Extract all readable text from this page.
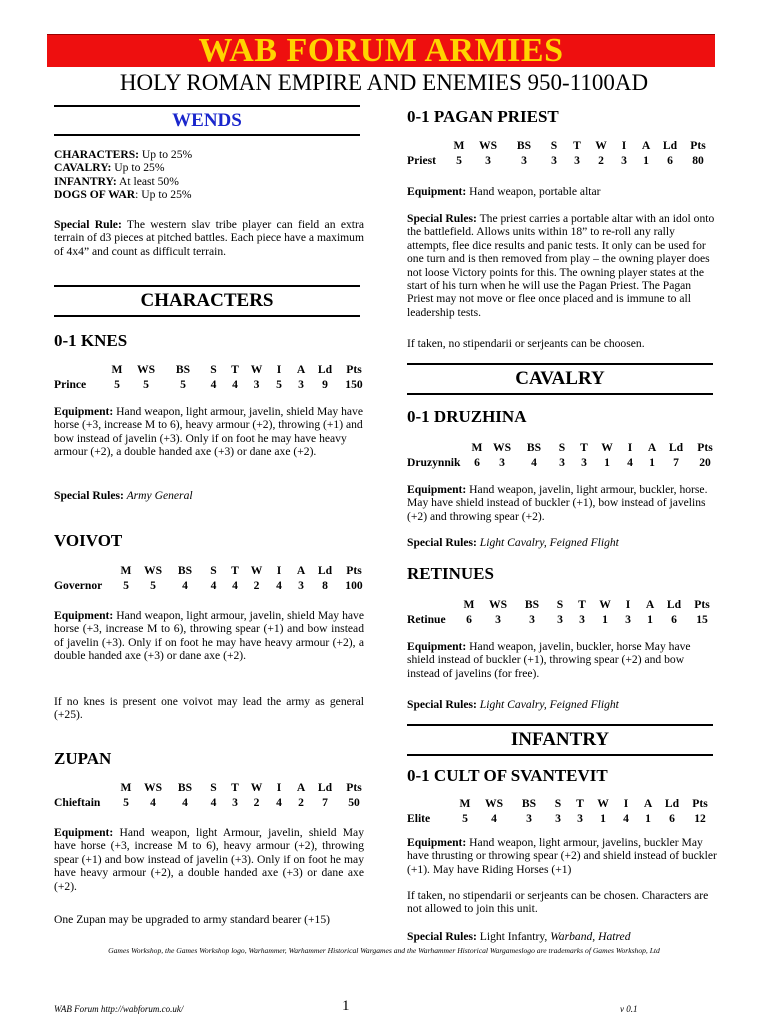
WAB FORUM ARMIES
HOLY ROMAN EMPIRE AND ENEMIES 950-1100AD
WENDS

CHARACTERS: Up to 25%

CAVALRY: Up to 25%

INFANTRY: At least 50%

DOGS OF WAR: Up to 25%

Special Rule: The western slav tribe player can field an extra terrain of d3 pieces at pitched battles. Each piece have a maximum of 4x4” and count as difficult terrain.
CHARACTERS
0-1 KNES
	M	WS	BS	S	T	W	I	A	Ld	Pts
Prince	5	5	5	4	4	3	5	3	9	150
Equipment: Hand weapon, light armour, javelin, shield May have horse (+3, increase M to 6), heavy armour (+2), throwing (+1) and bow instead of javelin (+3). Only if on foot he may have heavy armour (+2), a double handed axe (+3) or dane axe (+2).
Special Rules: Army General
VOIVOT
	M	WS	BS	S	T	W	I	A	Ld	Pts
Governor	5	5	4	4	4	2	4	3	8	100
Equipment: Hand weapon, light armour, javelin, shield May have horse (+3, increase M to 6), throwing spear (+1) and bow instead of javelin (+3). Only if on foot he may have heavy armour (+2), a double handed axe (+3) or dane axe (+2).
If no knes is present one voivot may lead the army as general (+25).
ZUPAN
	M	WS	BS	S	T	W	I	A	Ld	Pts
Chieftain	5	4	4	4	3	2	4	2	7	50
Equipment: Hand weapon, light Armour, javelin, shield May have horse (+3, increase M to 6), heavy armour (+2), throwing spear (+1) and bow instead of javelin (+3). Only if on foot he may have heavy armour (+2), a double handed axe (+3) or dane axe (+2).
One Zupan may be upgraded to army standard bearer (+15)
0-1 PAGAN PRIEST
	M	WS	BS	S	T	W	I	A	Ld	Pts
Priest	5	3	3	3	3	2	3	1	6	80
Equipment: Hand weapon, portable altar
Special Rules: The priest carries a portable altar with an idol onto the battlefield. Allows units within 18” to re-roll any rally attempts, flee dice results and panic tests. It only can be used for one turn and is then removed from play – the owning player does not loose Victory points for this. The owning player states at the start of his turn when he will use the Pagan Priest. The Pagan Priest may not move or flee once placed and is immune to all leadership tests.
If taken, no stipendarii or serjeants can be choosen.
CAVALRY
0-1 DRUZHINA
	M	WS	BS	S	T	W	I	A	Ld	Pts
Druzynnik	6	3	4	3	3	1	4	1	7	20
Equipment: Hand weapon, javelin, light armour, buckler, horse. May have shield instead of buckler (+1), bow instead of javelins (+2) and throwing spear (+2).
Special Rules: Light Cavalry, Feigned Flight
RETINUES
	M	WS	BS	S	T	W	I	A	Ld	Pts
Retinue	6	3	3	3	3	1	3	1	6	15
Equipment: Hand weapon, javelin, buckler, horse May have shield instead of buckler (+1), throwing spear (+2) and bow instead of javelins (for free).
Special Rules: Light Cavalry, Feigned Flight
INFANTRY
0-1 CULT OF SVANTEVIT
	M	WS	BS	S	T	W	I	A	Ld	Pts
Elite	5	4	3	3	3	1	4	1	6	12
Equipment: Hand weapon, light armour, javelins, buckler May have thrusting or throwing spear (+2) and shield instead of buckler (+1). May have Riding Horses (+1)
If taken, no stipendarii or serjeants can be chosen. Characters are not allowed to join this unit.
Special Rules: Light Infantry, Warband, Hatred
Games Workshop, the Games Workshop logo, Warhammer, Warhammer Historical Wargames and the Warhammer Historical Wargameslogo are trademarks of Games Workshop, Ltd
WAB Forum http://wabforum.co.uk/	1	v 0.1
